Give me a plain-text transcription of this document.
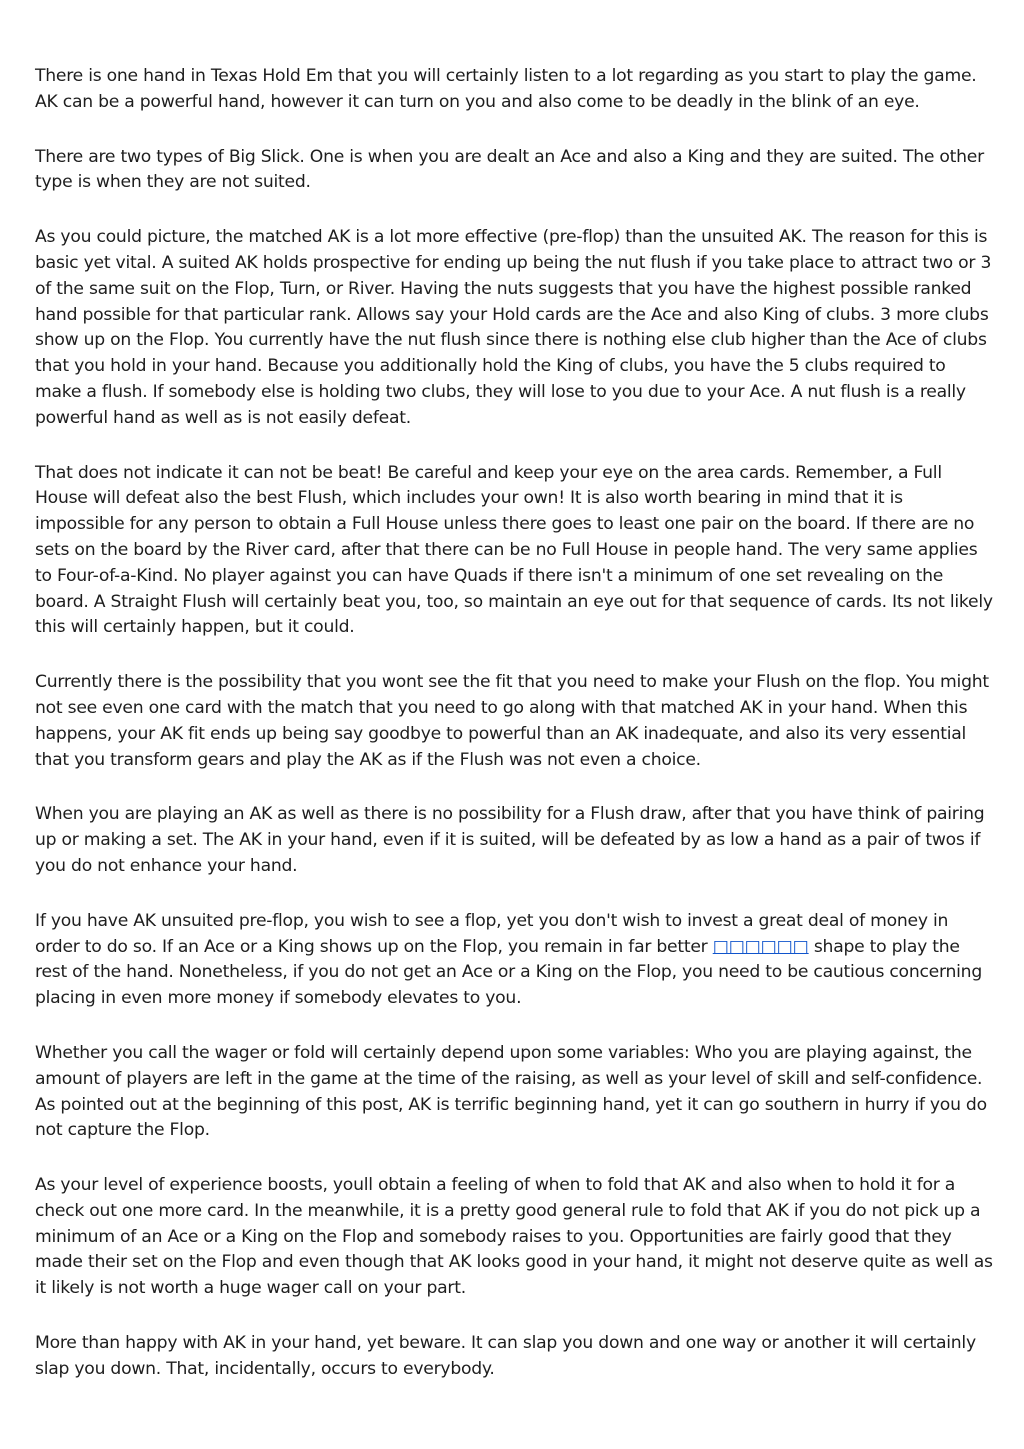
There is one hand in Texas Hold Em that you will certainly listen to a lot regarding as you start to play the game. AK can be a powerful hand, however it can turn on you and also come to be deadly in the blink of an eye.

There are two types of Big Slick. One is when you are dealt an Ace and also a King and they are suited. The other type is when they are not suited.

As you could picture, the matched AK is a lot more effective (pre-flop) than the unsuited AK. The reason for this is basic yet vital. A suited AK holds prospective for ending up being the nut flush if you take place to attract two or 3 of the same suit on the Flop, Turn, or River. Having the nuts suggests that you have the highest possible ranked hand possible for that particular rank. Allows say your Hold cards are the Ace and also King of clubs. 3 more clubs show up on the Flop. You currently have the nut flush since there is nothing else club higher than the Ace of clubs that you hold in your hand. Because you additionally hold the King of clubs, you have the 5 clubs required to make a flush. If somebody else is holding two clubs, they will lose to you due to your Ace. A nut flush is a really powerful hand as well as is not easily defeat.

That does not indicate it can not be beat! Be careful and keep your eye on the area cards. Remember, a Full House will defeat also the best Flush, which includes your own! It is also worth bearing in mind that it is impossible for any person to obtain a Full House unless there goes to least one pair on the board. If there are no sets on the board by the River card, after that there can be no Full House in people hand. The very same applies to Four-of-a-Kind. No player against you can have Quads if there isn't a minimum of one set revealing on the board. A Straight Flush will certainly beat you, too, so maintain an eye out for that sequence of cards. Its not likely this will certainly happen, but it could.

Currently there is the possibility that you wont see the fit that you need to make your Flush on the flop. You might not see even one card with the match that you need to go along with that matched AK in your hand. When this happens, your AK fit ends up being say goodbye to powerful than an AK inadequate, and also its very essential that you transform gears and play the AK as if the Flush was not even a choice.

When you are playing an AK as well as there is no possibility for a Flush draw, after that you have think of pairing up or making a set. The AK in your hand, even if it is suited, will be defeated by as low a hand as a pair of twos if you do not enhance your hand.

If you have AK unsuited pre-flop, you wish to see a flop, yet you don't wish to invest a great deal of money in order to do so. If an Ace or a King shows up on the Flop, you remain in far better □□□□□□ shape to play the rest of the hand. Nonetheless, if you do not get an Ace or a King on the Flop, you need to be cautious concerning placing in even more money if somebody elevates to you.

Whether you call the wager or fold will certainly depend upon some variables: Who you are playing against, the amount of players are left in the game at the time of the raising, as well as your level of skill and self-confidence. As pointed out at the beginning of this post, AK is terrific beginning hand, yet it can go southern in hurry if you do not capture the Flop.

As your level of experience boosts, youll obtain a feeling of when to fold that AK and also when to hold it for a check out one more card. In the meanwhile, it is a pretty good general rule to fold that AK if you do not pick up a minimum of an Ace or a King on the Flop and somebody raises to you. Opportunities are fairly good that they made their set on the Flop and even though that AK looks good in your hand, it might not deserve quite as well as it likely is not worth a huge wager call on your part.

More than happy with AK in your hand, yet beware. It can slap you down and one way or another it will certainly slap you down. That, incidentally, occurs to everybody.
